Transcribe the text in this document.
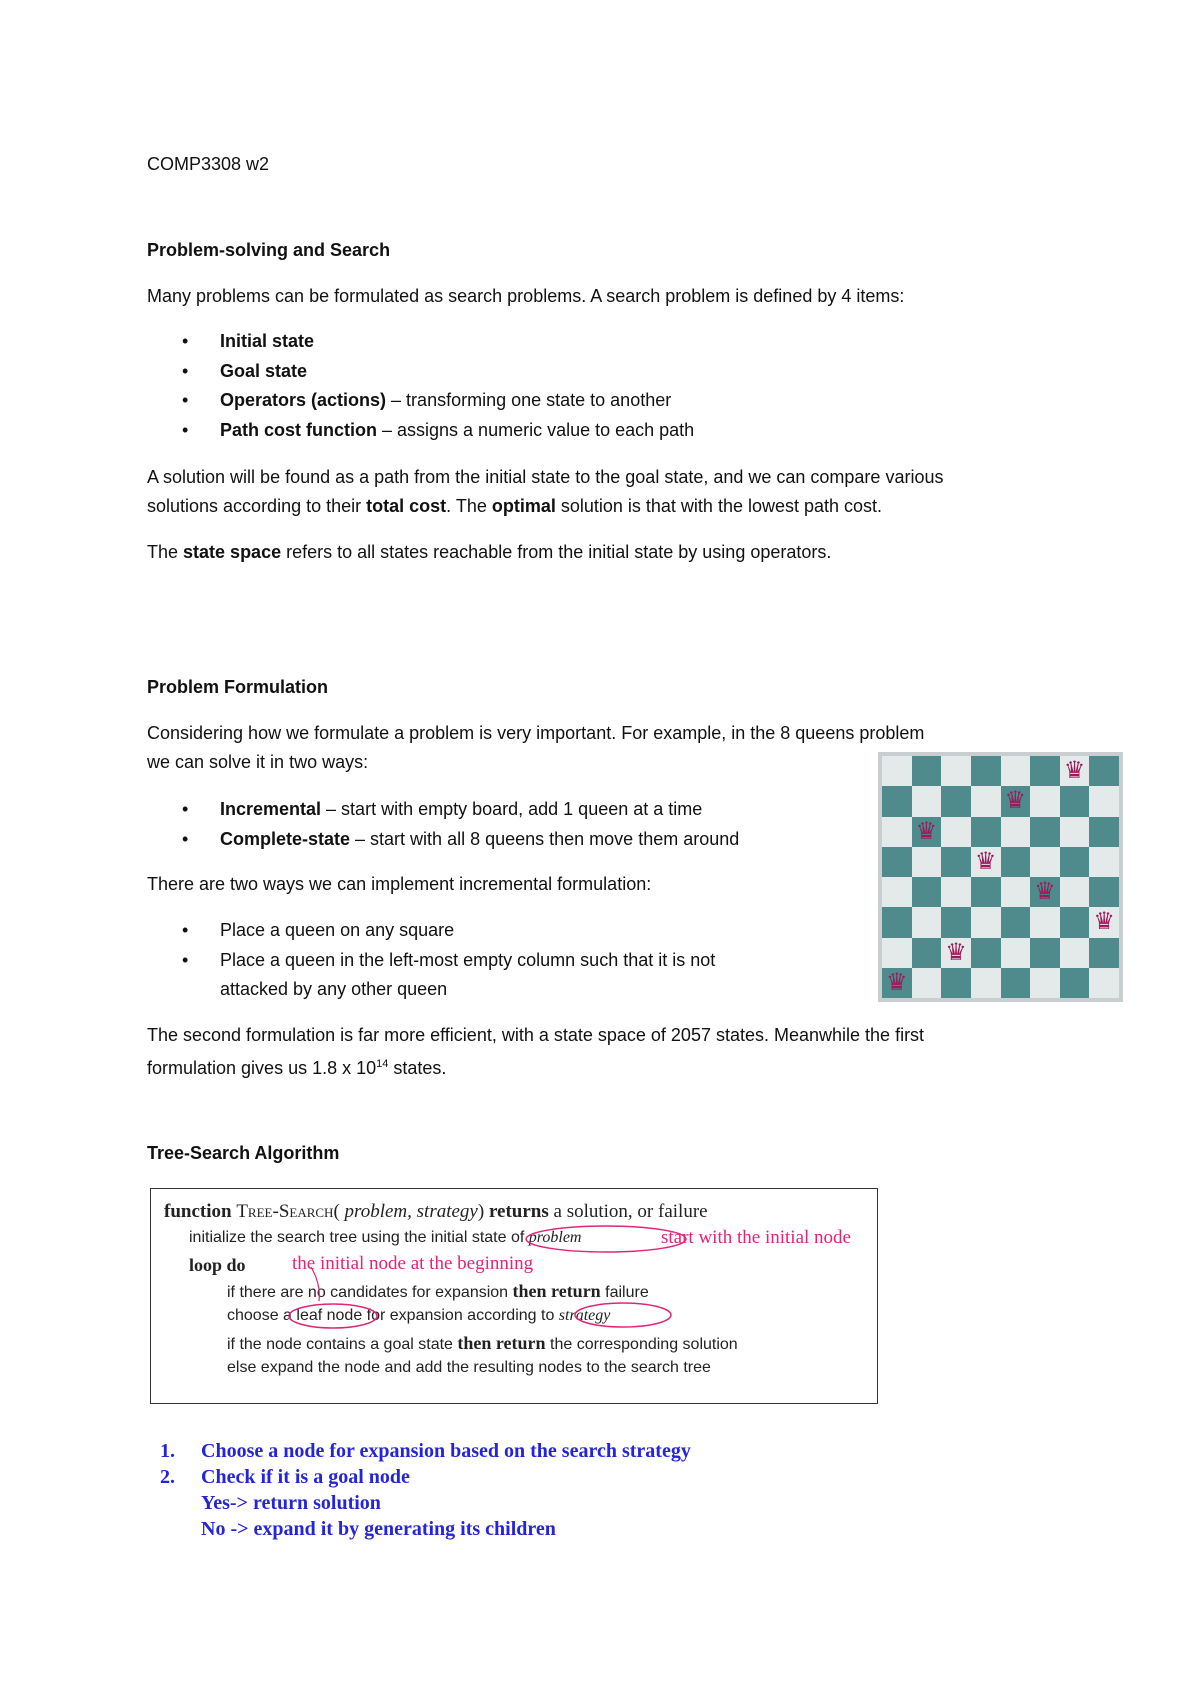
COMP3308 w2
Problem-solving and Search
Many problems can be formulated as search problems. A search problem is defined by 4 items:
• Initial state
• Goal state
• Operators (actions) – transforming one state to another
• Path cost function – assigns a numeric value to each path
A solution will be found as a path from the initial state to the goal state, and we can compare various
solutions according to their total cost. The optimal solution is that with the lowest path cost.
The state space refers to all states reachable from the initial state by using operators.
Problem Formulation
Considering how we formulate a problem is very important. For example, in the 8 queens problem
we can solve it in two ways:
• Incremental – start with empty board, add 1 queen at a time
• Complete-state – start with all 8 queens then move them around
There are two ways we can implement incremental formulation:
• Place a queen on any square
• Place a queen in the left-most empty column such that it is not
attacked by any other queen
The second formulation is far more efficient, with a state space of 2057 states. Meanwhile the first
formulation gives us 1.8 x $10^{14}$ states.
♛
♛
♛
♛
♛
♛
♛
♛
Tree-Search Algorithm
function Tree-Search( problem, strategy) returns a solution, or failure
initialize the search tree using the initial state of problem
loop do
if there are no candidates for expansion then return failure
choose a leaf node for expansion according to strategy
if the node contains a goal state then return the corresponding solution
else expand the node and add the resulting nodes to the search tree
start with the initial node
the initial node at the beginning
1. Choose a node for expansion based on the search strategy
2. Check if it is a goal node
Yes-> return solution
No -> expand it by generating its children
